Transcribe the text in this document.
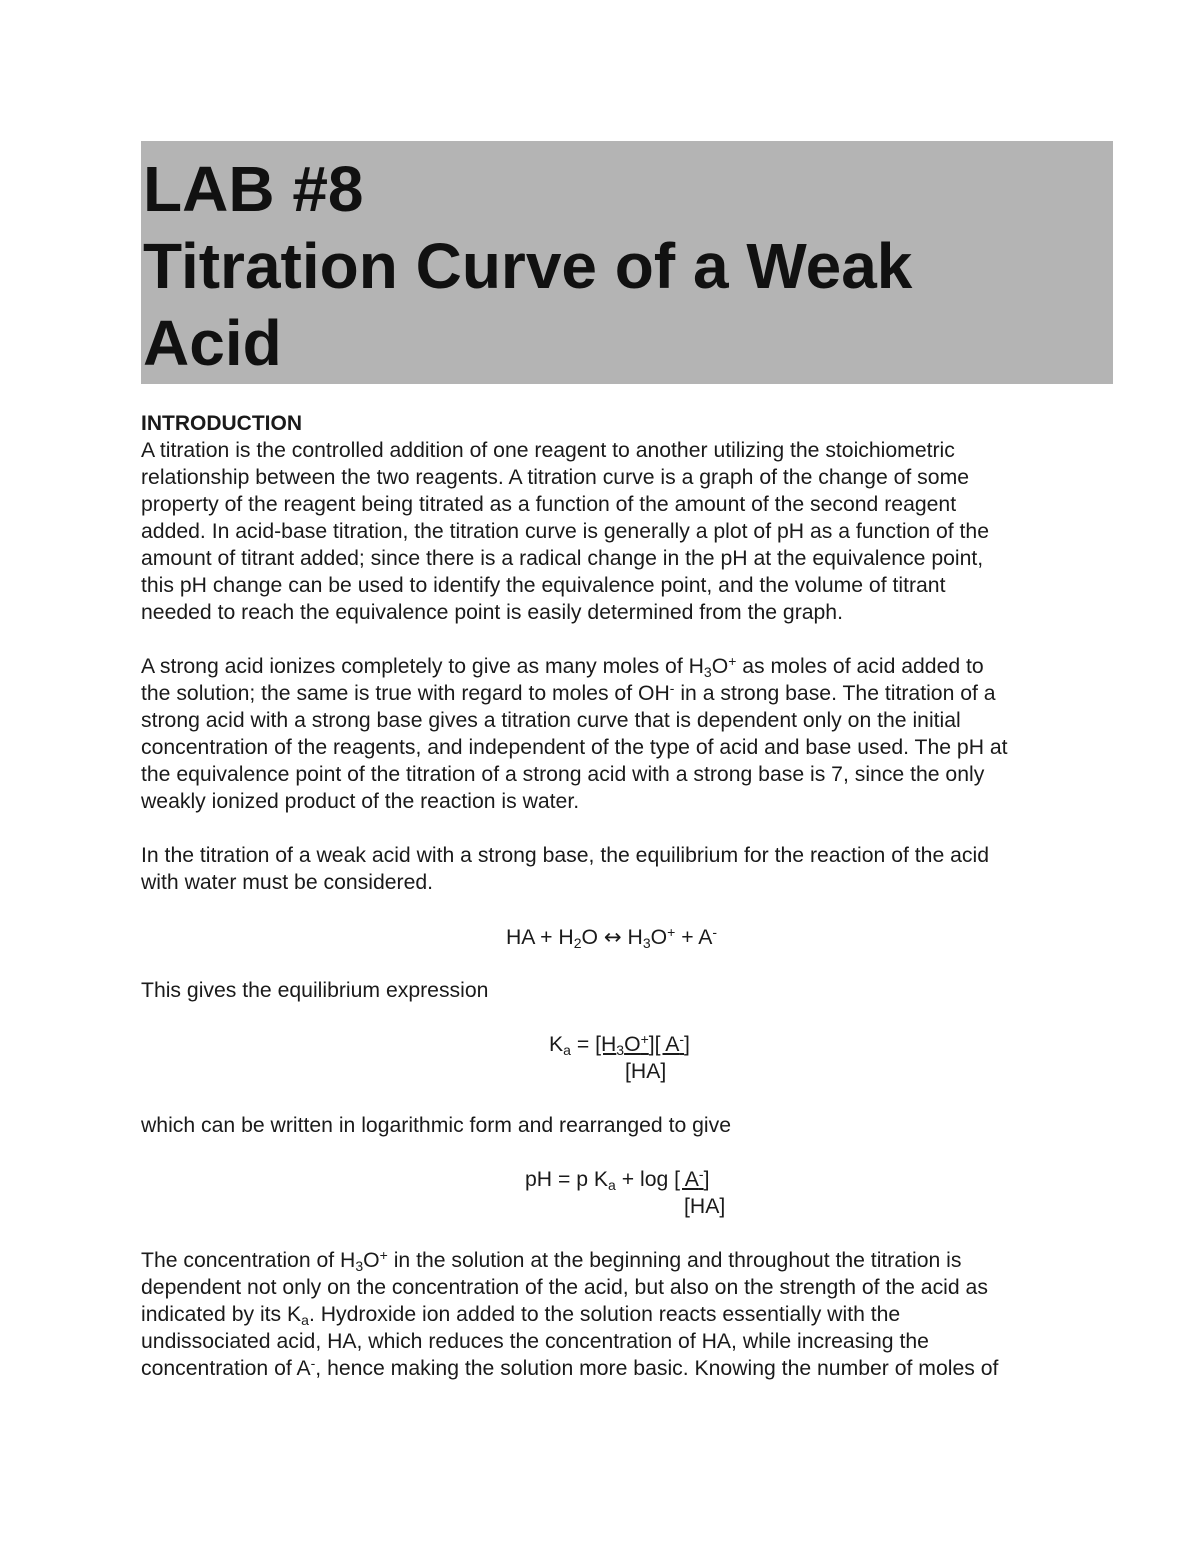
LAB #8
Titration Curve of a Weak
Acid
INTRODUCTION

A titration is the controlled addition of one reagent to another utilizing the stoichiometric

relationship between the two reagents. A titration curve is a graph of the change of some

property of the reagent being titrated as a function of the amount of the second reagent

added. In acid-base titration, the titration curve is generally a plot of pH as a function of the

amount of titrant added; since there is a radical change in the pH at the equivalence point,

this pH change can be used to identify the equivalence point, and the volume of titrant

needed to reach the equivalence point is easily determined from the graph.

A strong acid ionizes completely to give as many moles of $H_3O^+$ as moles of acid added to

the solution; the same is true with regard to moles of OH- in a strong base. The titration of a

strong acid with a strong base gives a titration curve that is dependent only on the initial

concentration of the reagents, and independent of the type of acid and base used. The pH at

the equivalence point of the titration of a strong acid with a strong base is 7, since the only

weakly ionized product of the reaction is water.

In the titration of a weak acid with a strong base, the equilibrium for the reaction of the acid

with water must be considered.

HA + $H_2O$ ↔ $H_3O^+ + A^-$

This gives the equilibrium expression

$K_a = [H_3O^+]$[ A-]
[HA]

which can be written in logarithmic form and rearranged to give

pH = p $K_a + \log$ [ A-]
[HA]

The concentration of $H_3O^+$ in the solution at the beginning and throughout the titration is

dependent not only on the concentration of the acid, but also on the strength of the acid as

indicated by its $K_a$. Hydroxide ion added to the solution reacts essentially with the

undissociated acid, HA, which reduces the concentration of HA, while increasing the

concentration of A-, hence making the solution more basic. Knowing the number of moles of
